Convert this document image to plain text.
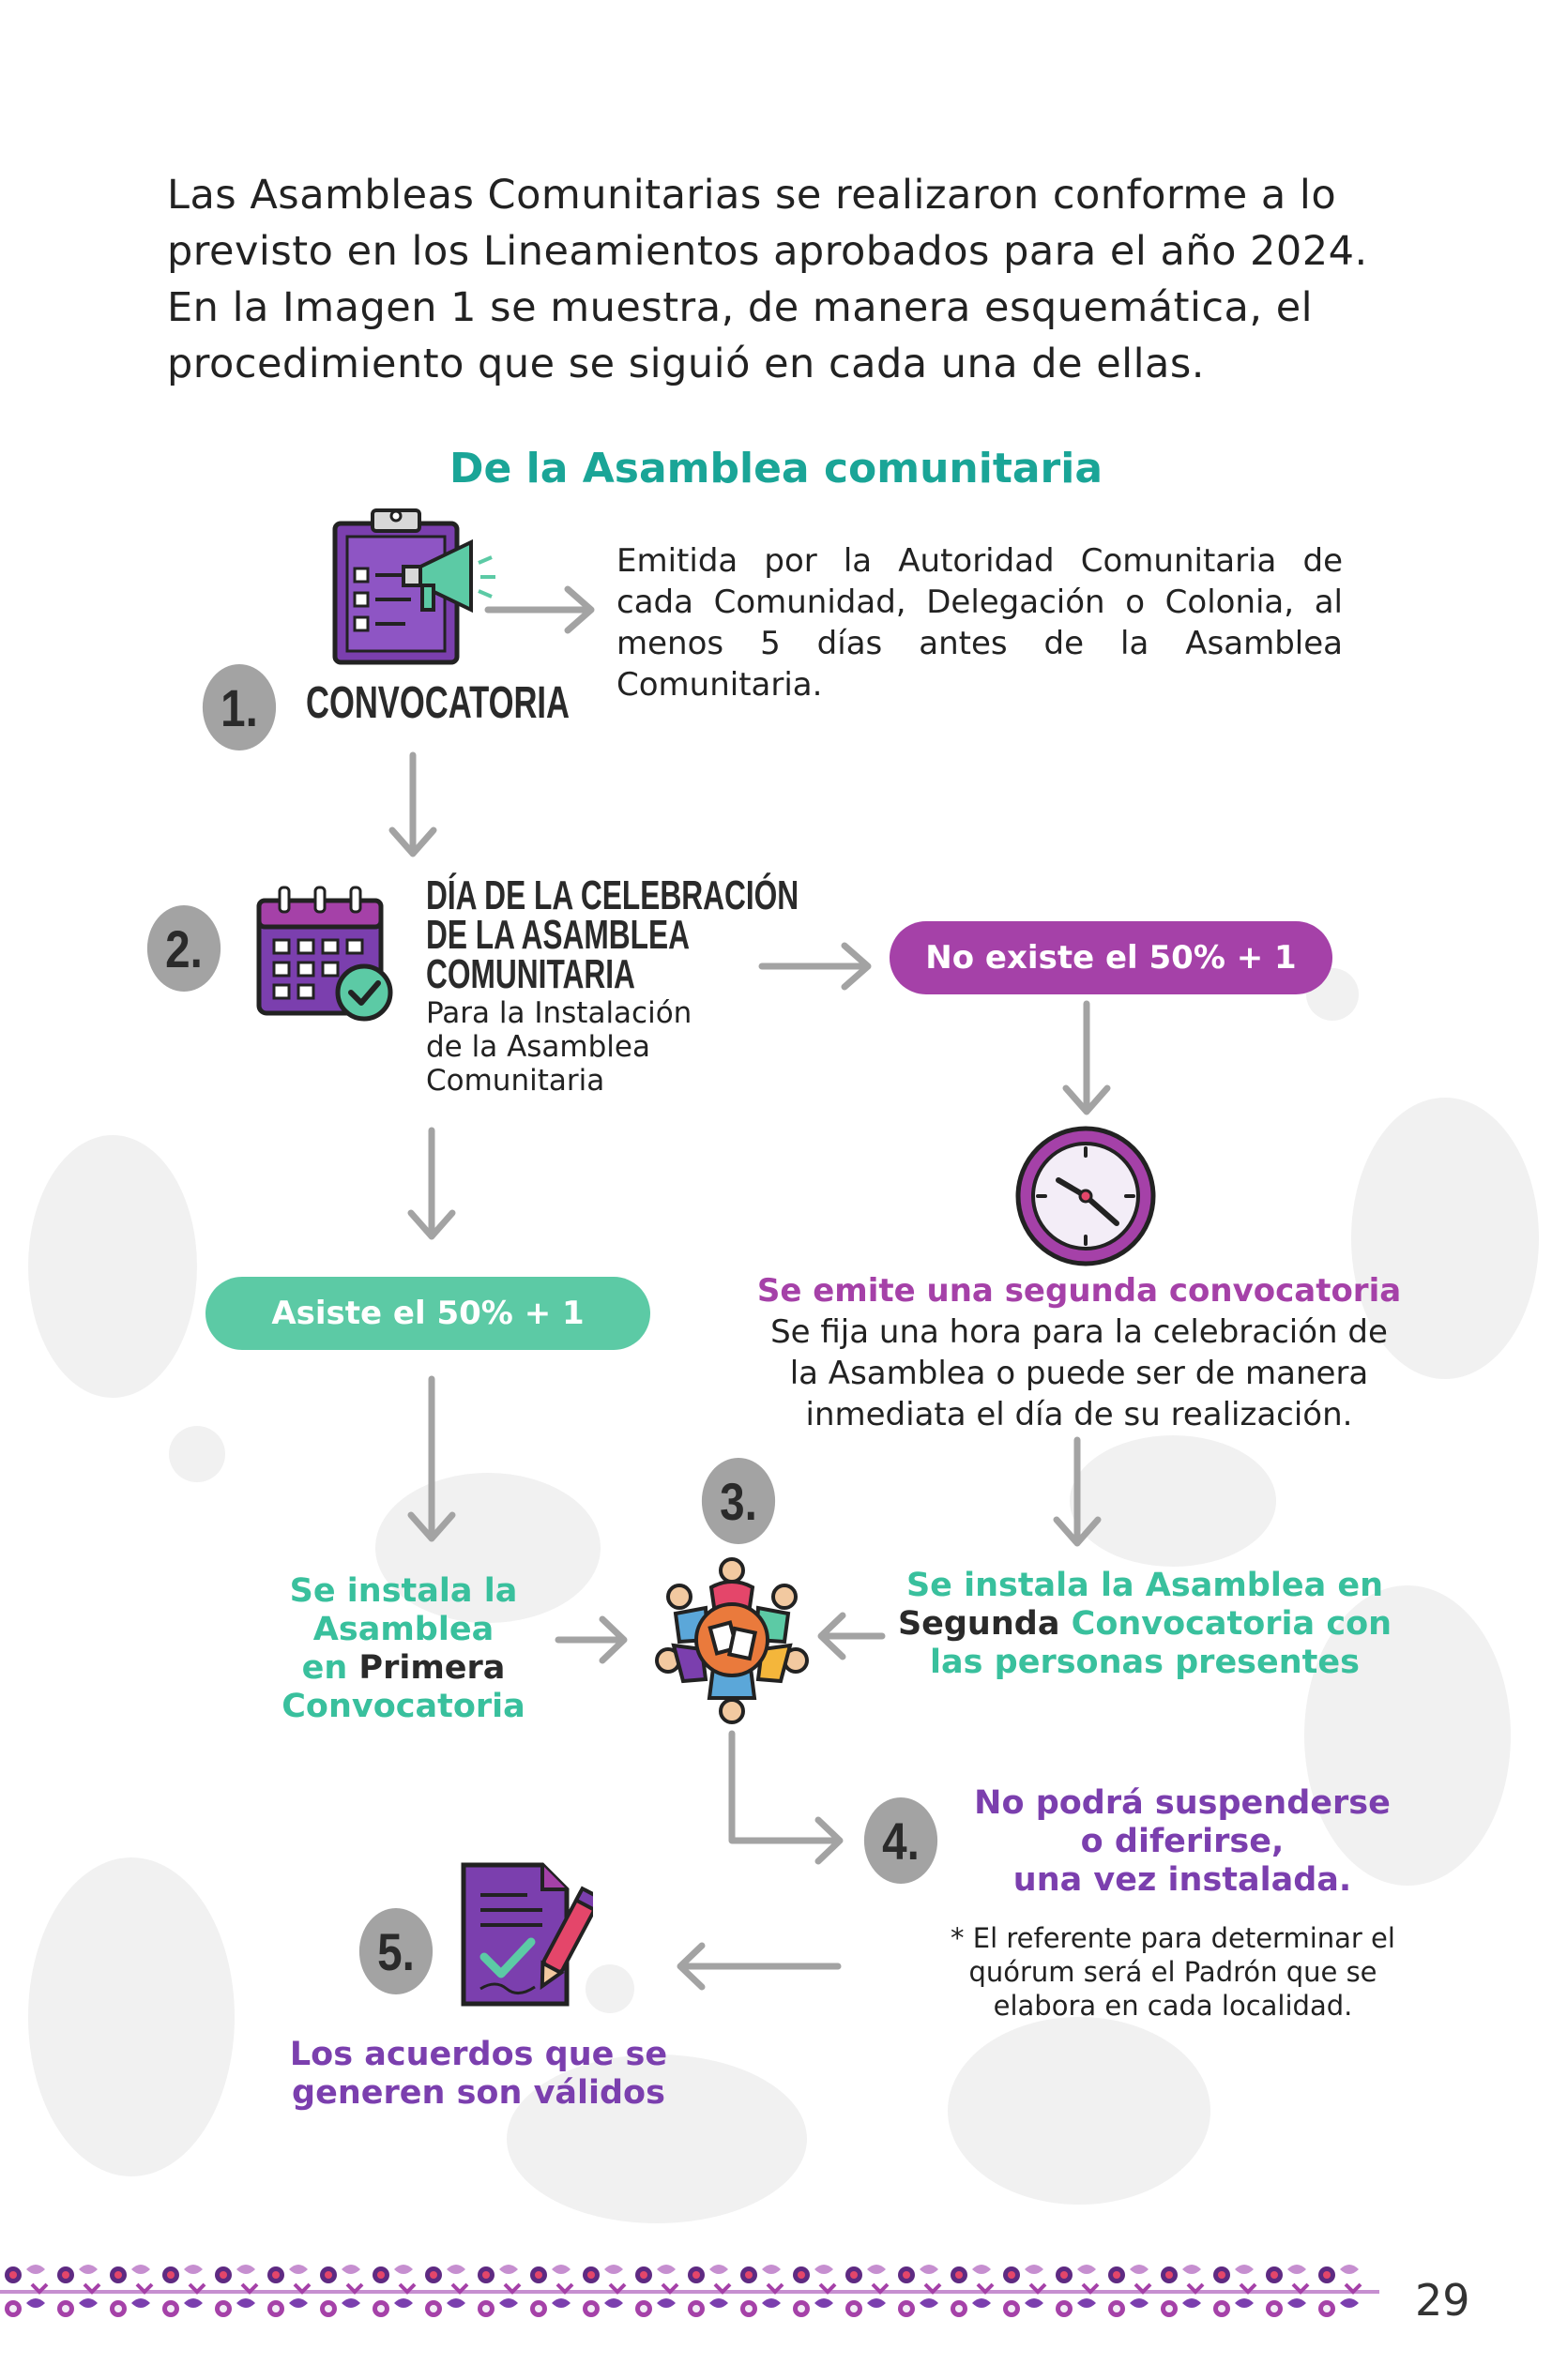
Las Asambleas Comunitarias se realizaron conforme a lo
previsto en los Lineamientos aprobados para el año 2024.
En la Imagen 1 se muestra, de manera esquemática, el
procedimiento que se siguió en cada una de ellas.
De la Asamblea comunitaria
1.	CONVOCATORIA
Emitida por la Autoridad Comunitaria de cada Comunidad, Delegación o Colonia, al menos 5 días antes de la Asamblea Comunitaria.
2.
DÍA DE LA CELEBRACIÓN
DE LA ASAMBLEA
COMUNITARIA
Para la Instalación
de la Asamblea
Comunitaria
No existe el 50% + 1
Asiste el 50% + 1
Se emite una segunda convocatoria
Se fija una hora para la celebración de
la Asamblea o puede ser de manera
inmediata el día de su realización.
3.
Se instala la Asamblea
en Primera
Convocatoria
Se instala la Asamblea en
Segunda Convocatoria con
las personas presentes
4.
No podrá suspenderse
o diferirse,
una vez instalada.
* El referente para determinar el
quórum será el Padrón que se
elabora en cada localidad.
5.
Los acuerdos que se
generen son válidos
29
